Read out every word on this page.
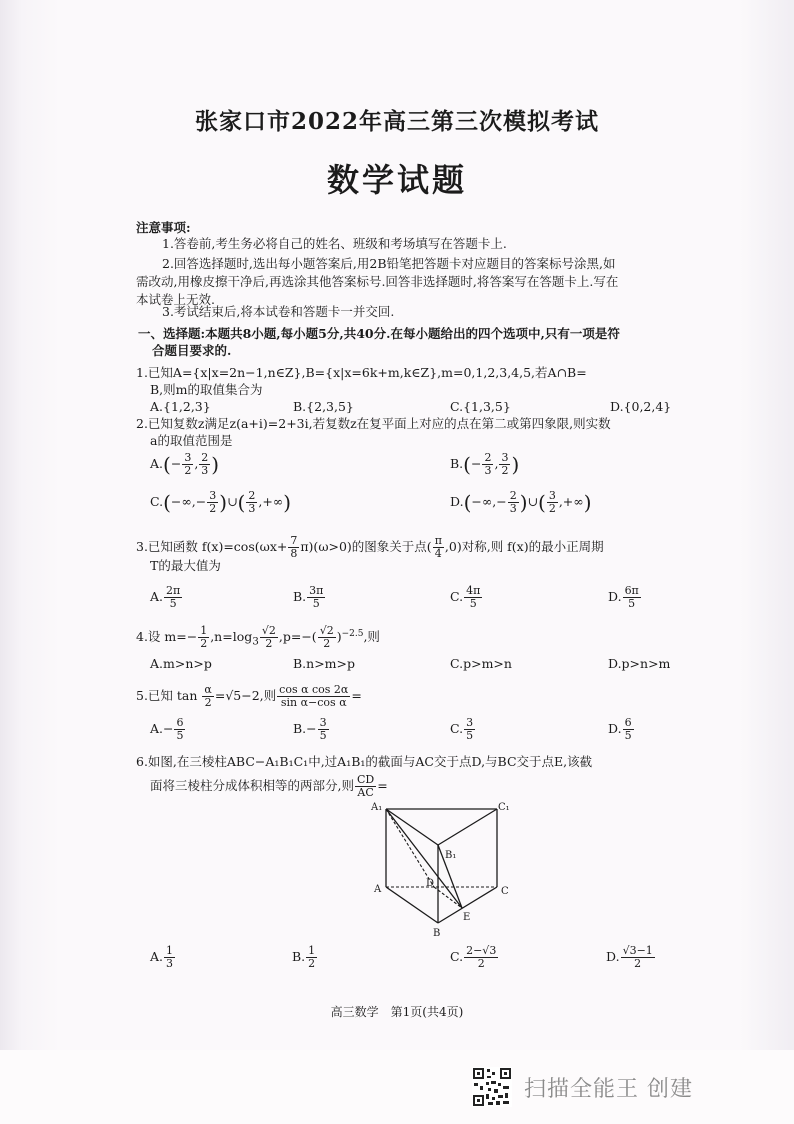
张家口市2022年高三第三次模拟考试
数学试题
注意事项:
1.答卷前,考生务必将自己的姓名、班级和考场填写在答题卡上.
2.回答选择题时,选出每小题答案后,用2B铅笔把答题卡对应题目的答案标号涂黑,如
需改动,用橡皮擦干净后,再选涂其他答案标号.回答非选择题时,将答案写在答题卡上.写在
本试卷上无效.
3.考试结束后,将本试卷和答题卡一并交回.
一、选择题:本题共8小题,每小题5分,共40分.在每小题给出的四个选项中,只有一项是符
合题目要求的.
1.已知A={x|x=2n−1,n∈Z},B={x|x=6k+m,k∈Z},m=0,1,2,3,4,5,若A∩B=
B,则m的取值集合为
A.{1,2,3}	B.{2,3,5}	C.{1,3,5}	D.{0,2,4}
2.已知复数z满足z(a+i)=2+3i,若复数z在复平面上对应的点在第二或第四象限,则实数
a的取值范围是
$A.(- \frac{3}{2}$ , $\frac{2}{3}$ )	$B.(- \frac{2}{3}$ , $\frac{3}{2}$ )
$C.(-\infty,- \frac{3}{2}$ )∪( $\frac{2}{3}$ ,+∞)	$D.(-\infty,- \frac{2}{3}$ )∪( $\frac{3}{2}$ ,+∞)
3.已知函数 $f(x)=\cos(\omega x+ \frac{7}{8} \pi)(\omega>0)$的图象关于点( $\frac{\pi}{4} ,0$)对称,则 f(x)的最小正周期
T的最大值为
A. $\frac{2\pi}{5}$	B. $\frac{3\pi}{5}$	C. $\frac{4\pi}{5}$	D. $\frac{6\pi}{5}$
4.设 $m=- \frac{1}{2} ,n=\log_3 \frac{√2}{2} ,p=-( \frac{√2}{2} )^{-2.5}$,则
A.m>n>p	B.n>m>p	C.p>m>n	D.p>n>m
5.已知 $\tan \frac{\alpha}{2} =√5-2$,则 $\frac{\text{cos α cos 2α}}{\text{sin α−cos α}}$ =
$A.- \frac{6}{5}$	$B.- \frac{3}{5}$	C. $\frac{3}{5}$	D. $\frac{6}{5}$
6.如图,在三棱柱ABC−A₁B₁C₁中,过A₁B₁的截面与AC交于点D,与BC交于点E,该截
面将三棱柱分成体积相等的两部分,则 $\frac{CD}{AC}$ =
A₁	C₁
B₁
A
D
C
E
B
A. $\frac{1}{3}$	B. $\frac{1}{2}$	C. $\frac{2-√3}{2}$	D. $\frac{√3-1}{2}$
高三数学　第1页(共4页)
扫描全能王 创建
